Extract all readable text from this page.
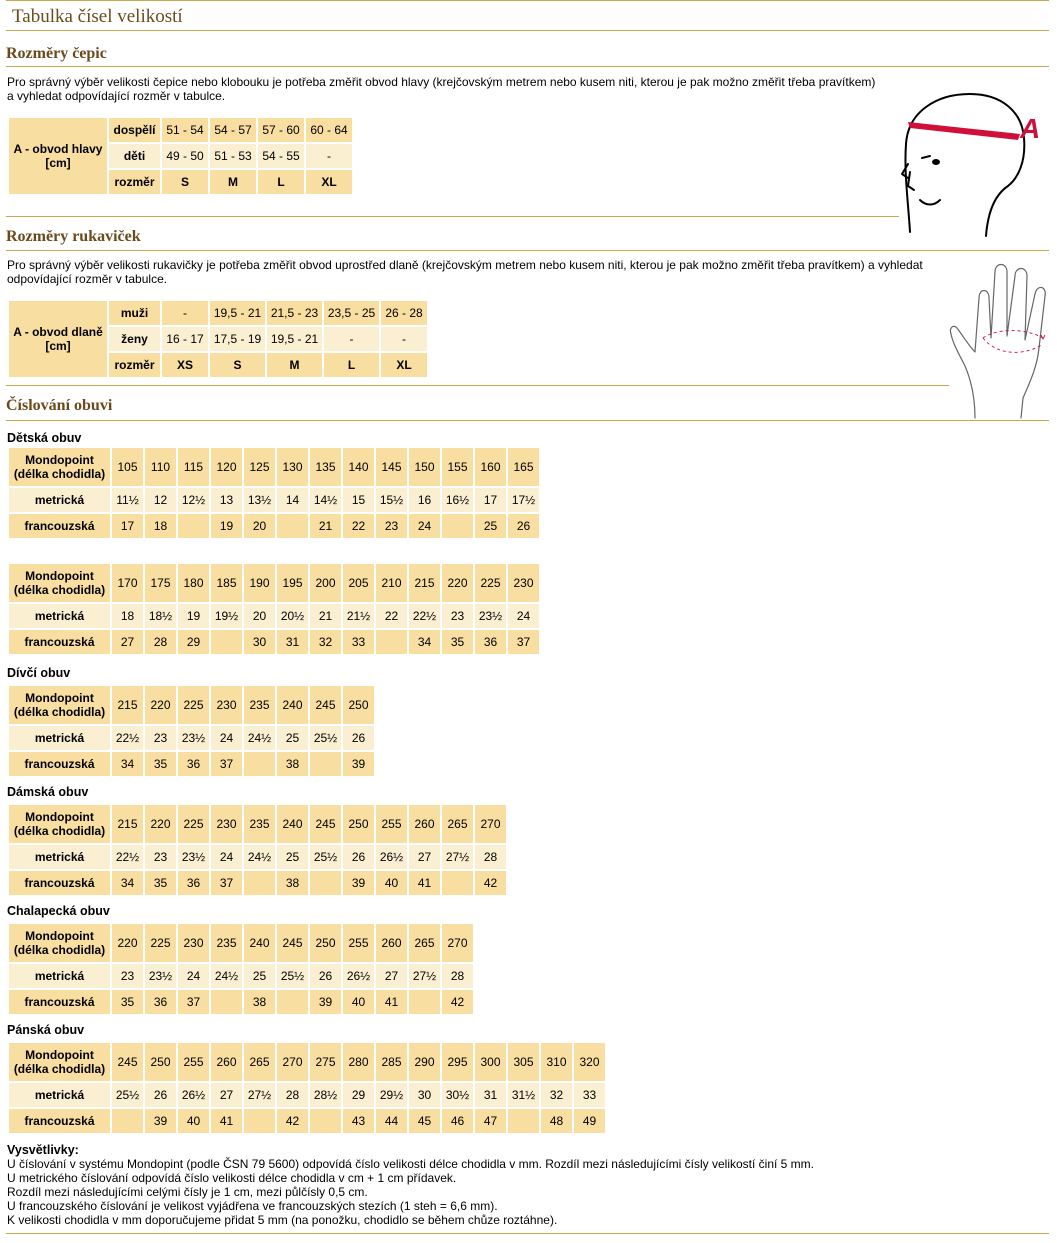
Tabulka čísel velikostí
Rozměry čepic
Pro správný výběr velikosti čepice nebo klobouku je potřeba změřit obvod hlavy (krejčovským metrem nebo kusem niti, kterou je pak možno změřit třeba pravítkem)
a vyhledat odpovídající rozměr v tabulce.
A - obvod hlavy [cm]	dospělí	51 - 54	54 - 57	57 - 60	60 - 64
	děti	49 - 50	51 - 53	54 - 55	-
	rozměr	S	M	L	XL
A
Rozměry rukaviček
Pro správný výběr velikosti rukavičky je potřeba změřit obvod uprostřed dlaně (krejčovským metrem nebo kusem niti, kterou je pak možno změřit třeba pravítkem) a vyhledat
odpovídající rozměr v tabulce.
A - obvod dlaně [cm]	muži	-	19,5 - 21	21,5 - 23	23,5 - 25	26 - 28
	ženy	16 - 17	17,5 - 19	19,5 - 21	-	-
	rozměr	XS	S	M	L	XL
Číslování obuvi
Dětská obuv
Mondopoint (délka chodidla)	105	110	115	120	125	130	135	140	145	150	155	160	165
metrická	11½	12	12½	13	13½	14	14½	15	15½	16	16½	17	17½
francouzská	17	18		19	20		21	22	23	24		25	26
Mondopoint (délka chodidla)	170	175	180	185	190	195	200	205	210	215	220	225	230
metrická	18	18½	19	19½	20	20½	21	21½	22	22½	23	23½	24
francouzská	27	28	29		30	31	32	33		34	35	36	37
Dívčí obuv
Mondopoint (délka chodidla)	215	220	225	230	235	240	245	250
metrická	22½	23	23½	24	24½	25	25½	26
francouzská	34	35	36	37		38		39
Dámská obuv
Mondopoint (délka chodidla)	215	220	225	230	235	240	245	250	255	260	265	270
metrická	22½	23	23½	24	24½	25	25½	26	26½	27	27½	28
francouzská	34	35	36	37		38		39	40	41		42
Chalapecká obuv
Mondopoint (délka chodidla)	220	225	230	235	240	245	250	255	260	265	270
metrická	23	23½	24	24½	25	25½	26	26½	27	27½	28
francouzská	35	36	37		38		39	40	41		42
Pánská obuv
Mondopoint (délka chodidla)	245	250	255	260	265	270	275	280	285	290	295	300	305	310	320
metrická	25½	26	26½	27	27½	28	28½	29	29½	30	30½	31	31½	32	33
francouzská		39	40	41		42		43	44	45	46	47		48	49
Vysvětlivky:
U číslování v systému Mondopint (podle ČSN 79 5600) odpovídá číslo velikosti délce chodidla v mm. Rozdíl mezi následujícími čísly velikostí činí 5 mm.
U metrického číslování odpovídá číslo velikosti délce chodidla v cm + 1 cm přídavek.
Rozdíl mezi následujícími celými čísly je 1 cm, mezi půlčísly 0,5 cm.
U francouzského číslování je velikost vyjádřena ve francouzských stezích (1 steh = 6,6 mm).
K velikosti chodidla v mm doporučujeme přidat 5 mm (na ponožku, chodidlo se během chůze roztáhne).
